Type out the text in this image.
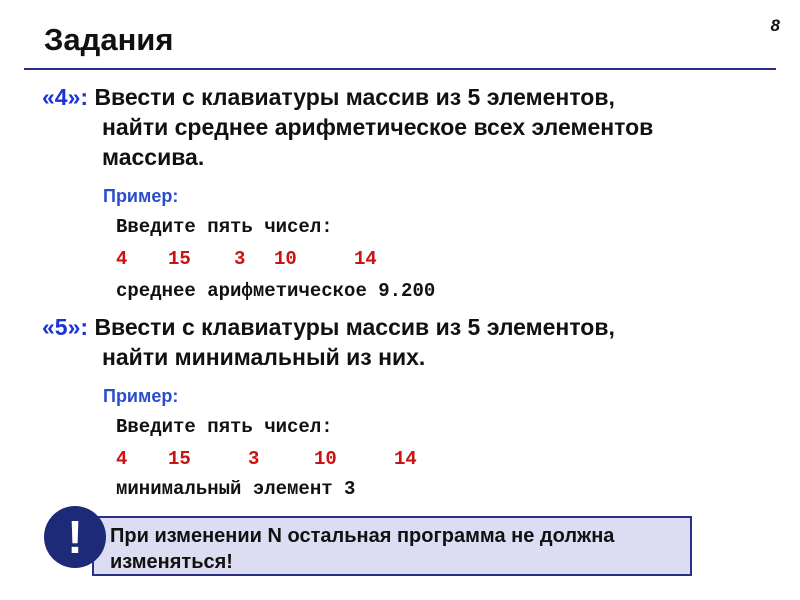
8
Задания
«4»: Ввести с клавиатуры массив из 5 элементов,
найти среднее арифметическое всех элементов
массива.
Пример:
Введите пять чисел:

4

15

3

10

	14

среднее арифметическое 9.200
«5»: Ввести с клавиатуры массив из 5 элементов,
найти минимальный из них.
Пример:
Введите пять чисел:

4

15

	3

	10

	14

минимальный элемент 3
При изменении N остальная программа не должна
изменяться!
!
